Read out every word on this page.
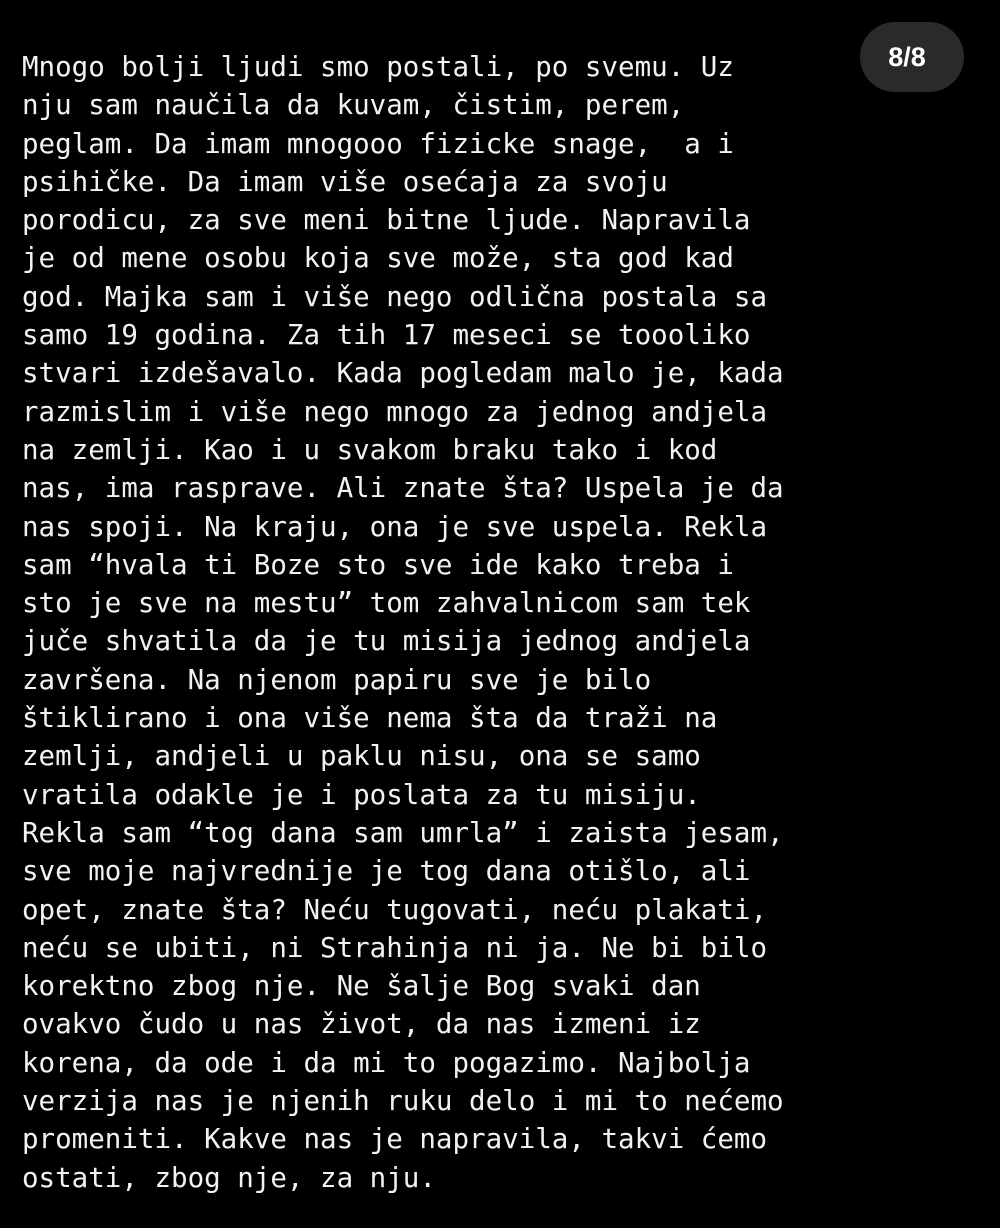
Mnogo bolji ljudi smo postali, po svemu. Uz
nju sam naučila da kuvam, čistim, perem,
peglam. Da imam mnogooo fizicke snage,  a i
psihičke. Da imam više osećaja za svoju
porodicu, za sve meni bitne ljude. Napravila
je od mene osobu koja sve može, sta god kad
god. Majka sam i više nego odlična postala sa
samo 19 godina. Za tih 17 meseci se toooliko
stvari izdešavalo. Kada pogledam malo je, kada
razmislim i više nego mnogo za jednog andjela
na zemlji. Kao i u svakom braku tako i kod
nas, ima rasprave. Ali znate šta? Uspela je da
nas spoji. Na kraju, ona je sve uspela. Rekla
sam “hvala ti Boze sto sve ide kako treba i
sto je sve na mestu” tom zahvalnicom sam tek
juče shvatila da je tu misija jednog andjela
završena. Na njenom papiru sve je bilo
štiklirano i ona više nema šta da traži na
zemlji, andjeli u paklu nisu, ona se samo
vratila odakle je i poslata za tu misiju.
Rekla sam “tog dana sam umrla” i zaista jesam,
sve moje najvrednije je tog dana otišlo, ali
opet, znate šta? Neću tugovati, neću plakati,
neću se ubiti, ni Strahinja ni ja. Ne bi bilo
korektno zbog nje. Ne šalje Bog svaki dan
ovakvo čudo u nas život, da nas izmeni iz
korena, da ode i da mi to pogazimo. Najbolja
verzija nas je njenih ruku delo i mi to nećemo
promeniti. Kakve nas je napravila, takvi ćemo
ostati, zbog nje, za nju.
8/8
